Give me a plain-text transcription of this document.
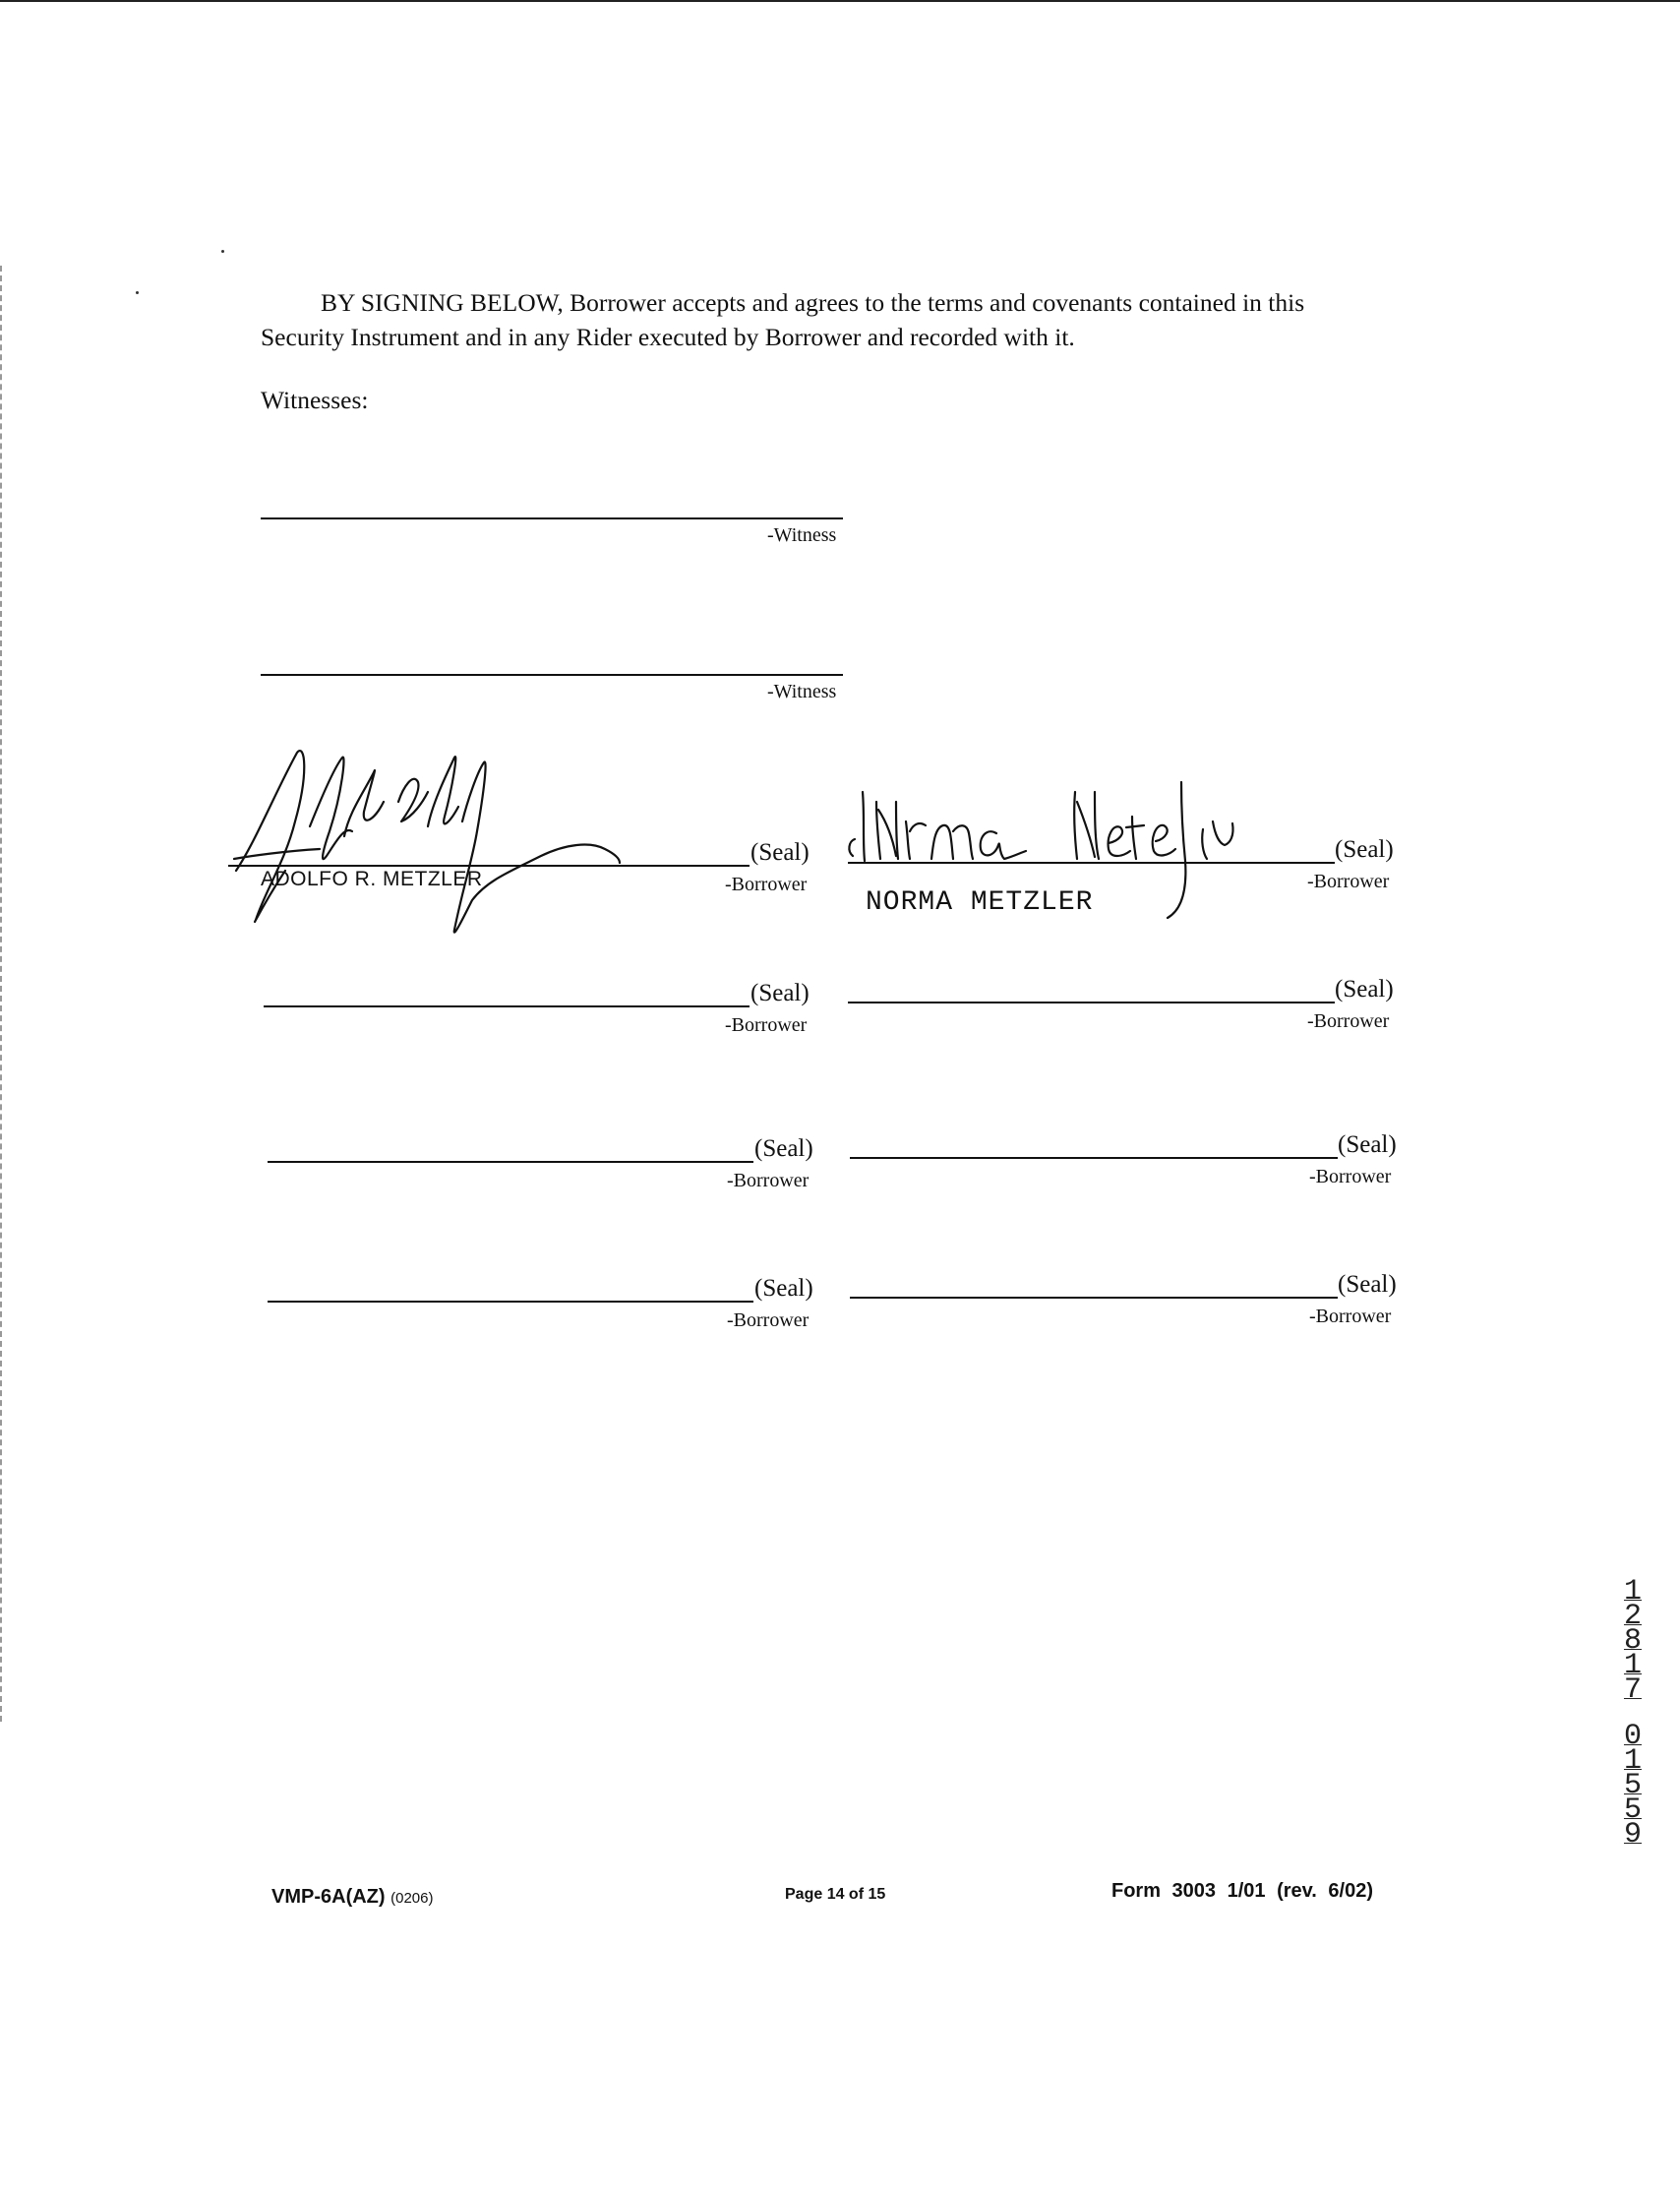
BY SIGNING BELOW, Borrower accepts and agrees to the terms and covenants contained in this
Security Instrument and in any Rider executed by Borrower and recorded with it.
Witnesses:
-Witness
-Witness
(Seal)
-Borrower
ADOLFO R. METZLER
(Seal)
-Borrower
NORMA METZLER
(Seal)
-Borrower
(Seal)
-Borrower
(Seal)
-Borrower
(Seal)
-Borrower
(Seal)
-Borrower
(Seal)
-Borrower
1
2
8
1
7
0
1
5
5
9
VMP-6A(AZ) (0206)	Page 14 of 15	Form 3003 1/01 (rev. 6/02)
